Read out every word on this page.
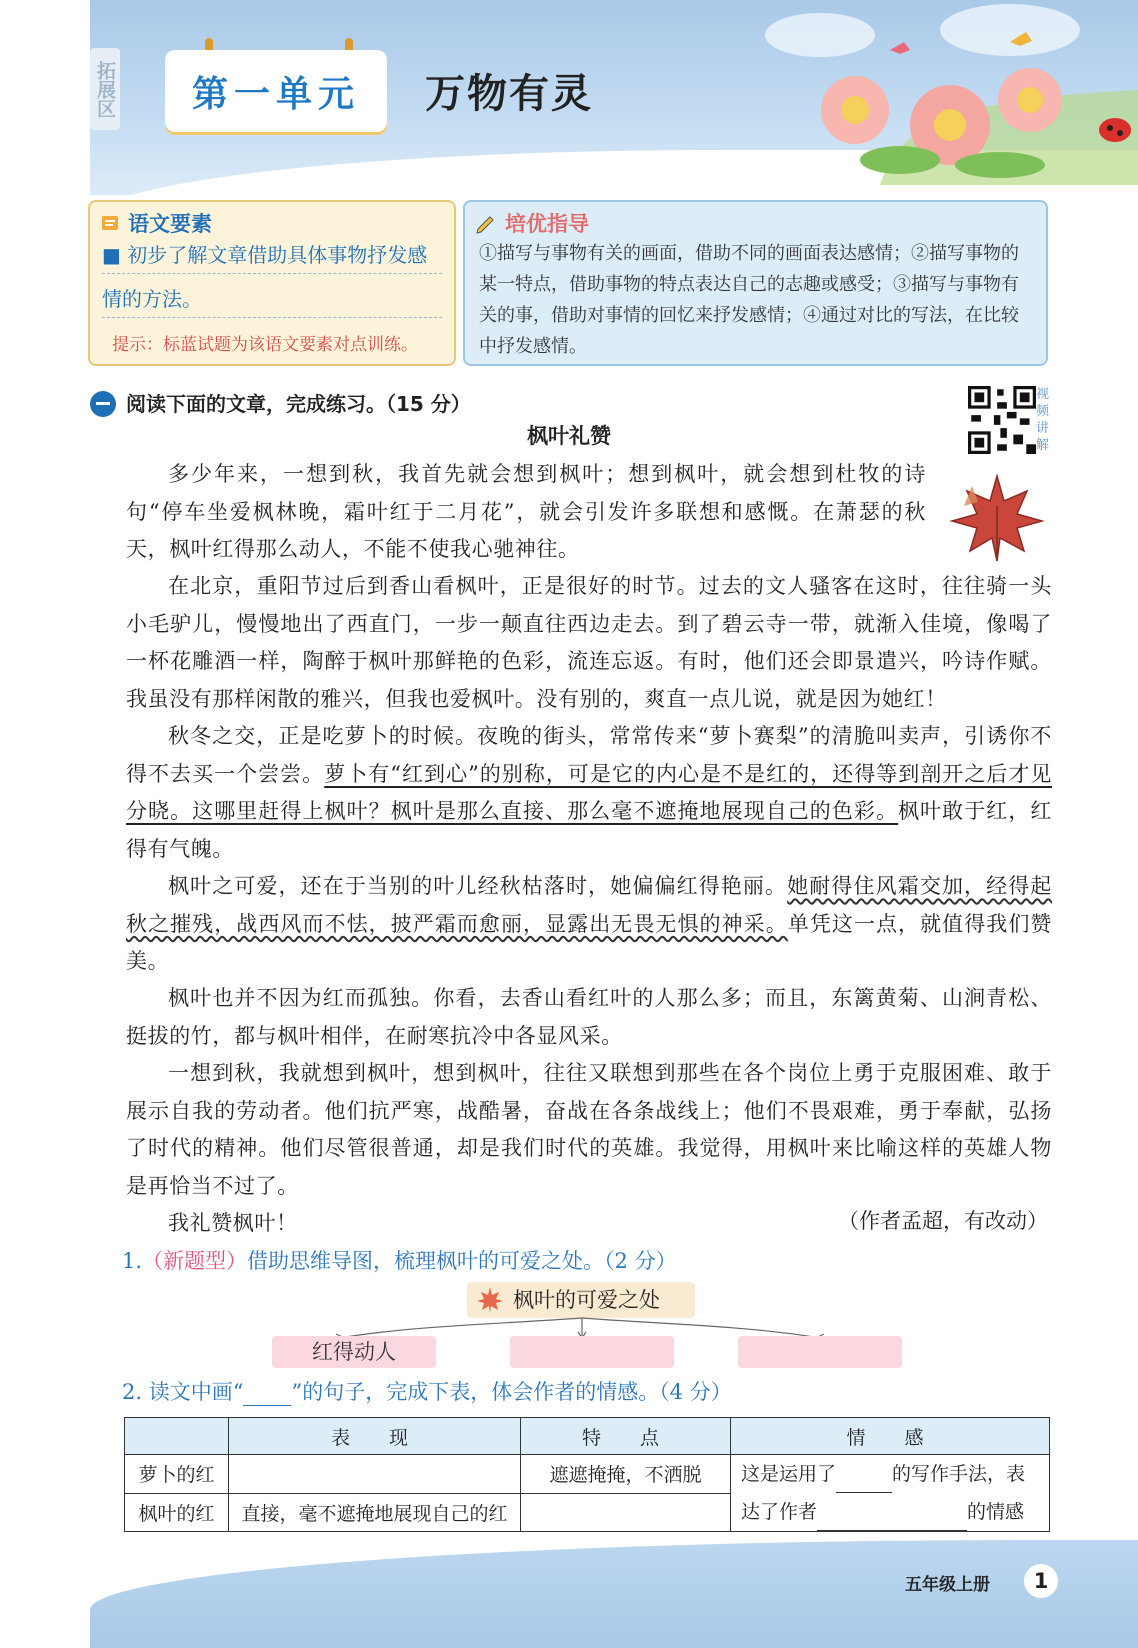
拓展区 第一单元 万物有灵
语文要素
■ 初步了解文章借助具体事物抒发感
情的方法。
提示：标蓝试题为该语文要素对点训练。
培优指导
①描写与事物有关的画面，借助不同的画面表达感情；②描写事物的某一特点，借助事物的特点表达自己的志趣或感受；③描写与事物有关的事，借助对事情的回忆来抒发感情；④通过对比的写法，在比较中抒发感情。
阅读下面的文章，完成练习。（15 分）	视频讲解
枫叶礼赞

多少年来，一想到秋，我首先就会想到枫叶；想到枫叶，就会想到杜牧的诗句“停车坐爱枫林晚，霜叶红于二月花”，就会引发许多联想和感慨。在萧瑟的秋天，枫叶红得那么动人，不能不使我心驰神往。

在北京，重阳节过后到香山看枫叶，正是很好的时节。过去的文人骚客在这时，往往骑一头小毛驴儿，慢慢地出了西直门，一步一颠直往西边走去。到了碧云寺一带，就渐入佳境，像喝了一杯花雕酒一样，陶醉于枫叶那鲜艳的色彩，流连忘返。有时，他们还会即景遣兴，吟诗作赋。我虽没有那样闲散的雅兴，但我也爱枫叶。没有别的，爽直一点儿说，就是因为她红！

秋冬之交，正是吃萝卜的时候。夜晚的街头，常常传来“萝卜赛梨”的清脆叫卖声，引诱你不得不去买一个尝尝。萝卜有“红到心”的别称，可是它的内心是不是红的，还得等到剖开之后才见分晓。这哪里赶得上枫叶？枫叶是那么直接、那么毫不遮掩地展现自己的色彩。枫叶敢于红，红得有气魄。

枫叶之可爱，还在于当别的叶儿经秋枯落时，她偏偏红得艳丽。她耐得住风霜交加，经得起秋之摧残，战西风而不怯，披严霜而愈丽，显露出无畏无惧的神采。单凭这一点，就值得我们赞美。

枫叶也并不因为红而孤独。你看，去香山看红叶的人那么多；而且，东篱黄菊、山涧青松、挺拔的竹，都与枫叶相伴，在耐寒抗冷中各显风采。

一想到秋，我就想到枫叶，想到枫叶，往往又联想到那些在各个岗位上勇于克服困难、敢于展示自我的劳动者。他们抗严寒，战酷暑，奋战在各条战线上；他们不畏艰难，勇于奉献，弘扬了时代的精神。他们尽管很普通，却是我们时代的英雄。我觉得，用枫叶来比喻这样的英雄人物是再恰当不过了。

我礼赞枫叶！	（作者孟超，有改动）
1.（新题型）借助思维导图，梳理枫叶的可爱之处。（2 分）
枫叶的可爱之处
红得动人
2. 读文中画“ ”的句子，完成下表，体会作者的情感。（4 分）
	表　现	特　点	情　感
萝卜的红		遮遮掩掩，不洒脱	这是运用了 的写作手法，表
达了作者 的情感

枫叶的红	直接，毫不遮掩地展现自己的红		
五年级上册	1
